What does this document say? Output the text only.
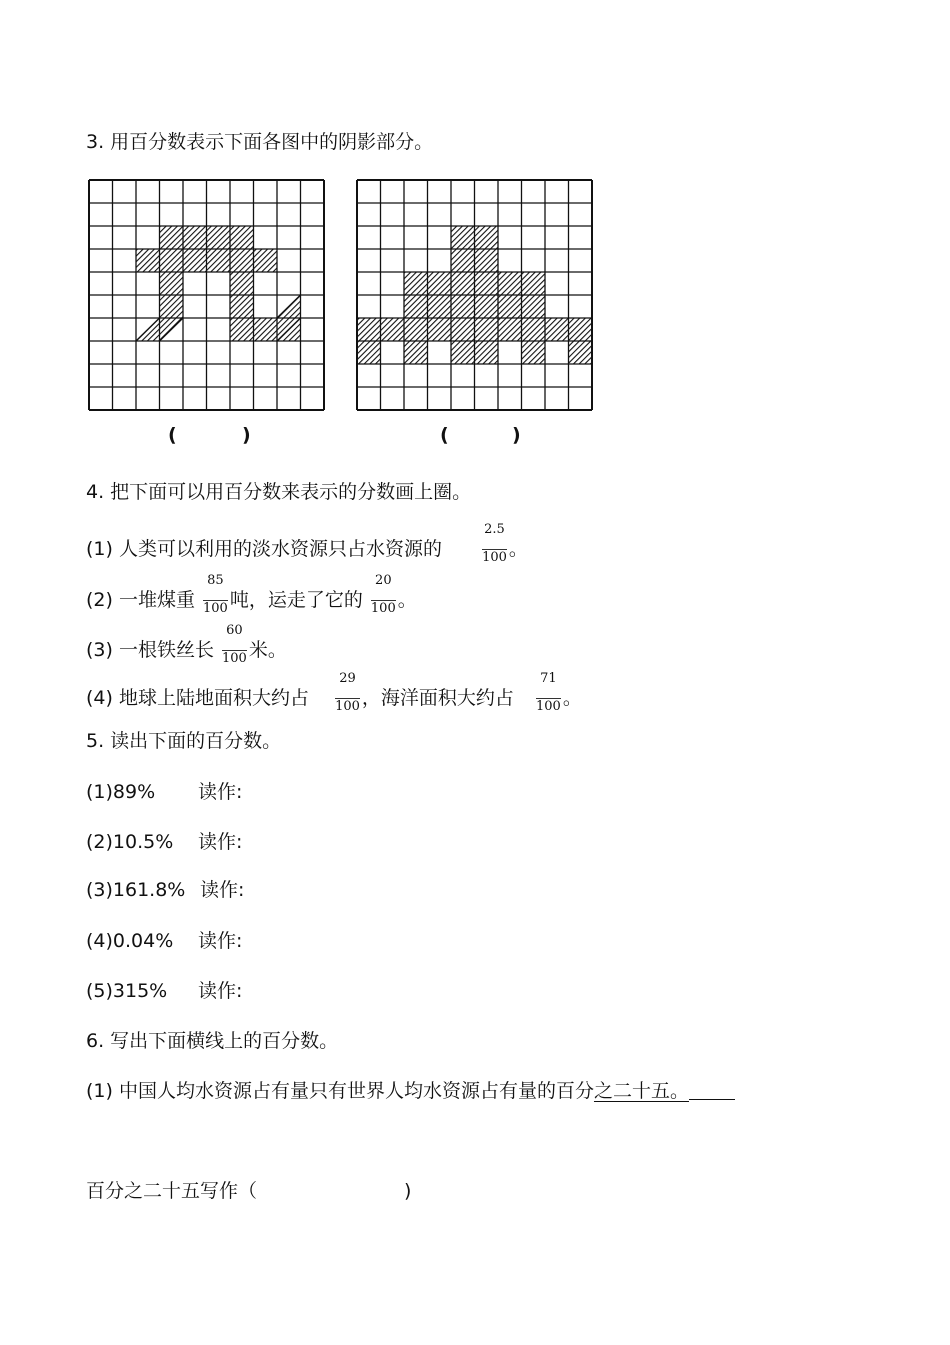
3. 用百分数表示下面各图中的阴影部分。
(	)	(	)
4. 把下面可以用百分数来表示的分数画上圈。
(1) 人类可以利用的淡水资源只占水资源的	$\frac{2.5}{100}$ 。
(2) 一堆煤重 $\frac{85}{100}$ 吨，运走了它的 $\frac{20}{100}$ 。
(3) 一根铁丝长 $\frac{60}{100}$ 米。
(4) 地球上陆地面积大约占 $\frac{29}{100}$ ，海洋面积大约占 $\frac{71}{100}$ 。
5. 读出下面的百分数。
(1)89% 读作:
(2)10.5% 读作:
(3)161.8% 读作:
(4)0.04% 读作:
(5)315% 读作:
6. 写出下面横线上的百分数。
(1) 中国人均水资源占有量只有世界人均水资源占有量的百分之二十五。
百分之二十五写作（	)
